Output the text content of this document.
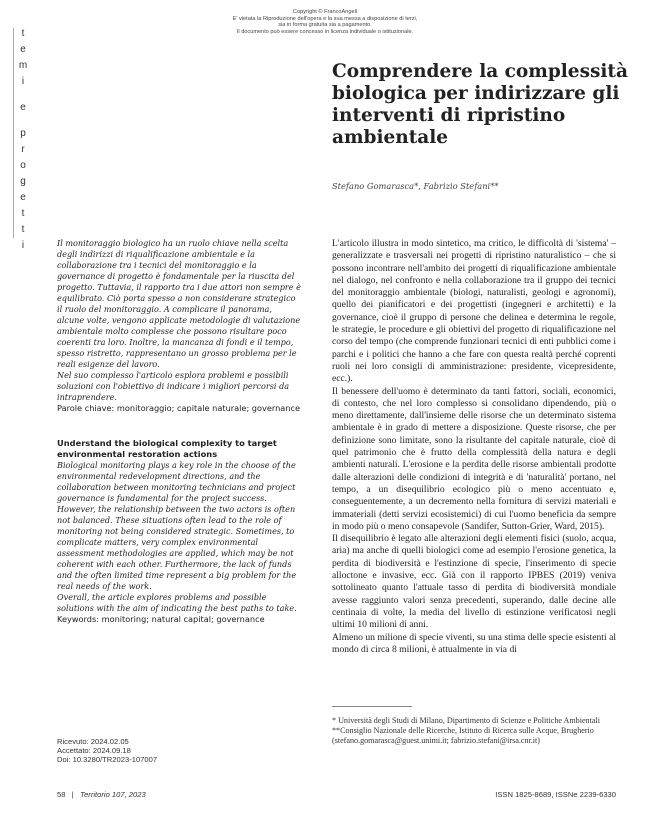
Copyright © FrancoAngeli
E' vietata la Riproduzione dell'opera e la sua messa a disposizione di terzi,
sia in forma gratuita sia a pagamento.
Il documento può essere concesso in licenza individuale o istituzionale.
t
e
m
i
e
p
r
o
g
e
t
t
i
Comprendere la complessità biologica per indirizzare gli interventi di ripristino ambientale
Stefano Gomarasca*, Fabrizio Stefani**

Il monitoraggio biologico ha un ruolo chiave nella scelta degli indirizzi di riqualificazione ambientale e la collaborazione tra i tecnici del monitoraggio e la governance di progetto è fondamentale per la riuscita del progetto. Tuttavia, il rapporto tra i due attori non sempre è equilibrato. Ciò porta spesso a non considerare strategico il ruolo del monitoraggio. A complicare il panorama, alcune volte, vengono applicate metodologie di valutazione ambientale molto complesse che possono risultare poco coerenti tra loro. Inoltre, la mancanza di fondi e il tempo, spesso ristretto, rappresentano un grosso problema per le reali esigenze del lavoro.

Nel suo complesso l'articolo esplora problemi e possibili soluzioni con l'obiettivo di indicare i migliori percorsi da intraprendere.

Parole chiave: monitoraggio; capitale naturale; governance
Understand the biological complexity to target environmental restoration actions

Biological monitoring plays a key role in the choose of the environmental redevelopment directions, and the collaboration between monitoring technicians and project governance is fundamental for the project success. However, the relationship between the two actors is often not balanced. These situations often lead to the role of monitoring not being considered strategic. Sometimes, to complicate matters, very complex environmental assessment methodologies are applied, which may be not coherent with each other. Furthermore, the lack of funds and the often limited time represent a big problem for the real needs of the work.

Overall, the article explores problems and possible solutions with the aim of indicating the best paths to take.

Keywords: monitoring; natural capital; governance

L'articolo illustra in modo sintetico, ma critico, le difficoltà di 'sistema' – generalizzate e trasversali nei progetti di ripristino naturalistico – che si possono incontrare nell'ambito dei progetti di riqualificazione ambientale nel dialogo, nel confronto e nella collaborazione tra il gruppo dei tecnici del monitoraggio ambientale (biologi, naturalisti, geologi e agronomi), quello dei pianificatori e dei progettisti (ingegneri e architetti) e la governance, cioè il gruppo di persone che delinea e determina le regole, le strategie, le procedure e gli obiettivi del progetto di riqualificazione nel corso del tempo (che comprende funzionari tecnici di enti pubblici come i parchi e i politici che hanno a che fare con questa realtà perché coprenti ruoli nei loro consigli di amministrazione: presidente, vicepresidente, ecc.).

Il benessere dell'uomo è determinato da tanti fattori, sociali, economici, di contesto, che nel loro complesso si consolidano dipendendo, più o meno direttamente, dall'insieme delle risorse che un determinato sistema ambientale è in grado di mettere a disposizione. Queste risorse, che per definizione sono limitate, sono la risultante del capitale naturale, cioè di quel patrimonio che è frutto della complessità della natura e degli ambienti naturali. L'erosione e la perdita delle risorse ambientali prodotte dalle alterazioni delle condizioni di integrità e di 'naturalità' portano, nel tempo, a un disequilibrio ecologico più o meno accentuato e, conseguentemente, a un decremento nella fornitura di servizi materiali e immateriali (detti servizi ecosistemici) di cui l'uomo beneficia da sempre in modo più o meno consapevole (Sandifer, Sutton-Grier, Ward, 2015).

Il disequilibrio è legato alle alterazioni degli elementi fisici (suolo, acqua, aria) ma anche di quelli biologici come ad esempio l'erosione genetica, la perdita di biodiversità e l'estinzione di specie, l'inserimento di specie alloctone e invasive, ecc. Già con il rapporto IPBES (2019) veniva sottolineato quanto l'attuale tasso di perdita di biodiversità mondiale avesse raggiunto valori senza precedenti, superando, dalle decine alle centinaia di volte, la media del livello di estinzione verificatosi negli ultimi 10 milioni di anni.

Almeno un milione di specie viventi, su una stima delle specie esistenti al mondo di circa 8 milioni, è attualmente in via di

* Università degli Studi di Milano, Dipartimento di Scienze e Politiche Ambientali
**Consiglio Nazionale delle Ricerche, Istituto di Ricerca sulle Acque, Brugherio
(stefano.gomarasca@guest.unimi.it; fabrizio.stefani@irsa.cnr.it)
Ricevuto: 2024.02.05
Accettato: 2024.09.18
Doi: 10.3280/TR2023-107007
58 | Territorio 107, 2023	ISSN 1825-8689, ISSNe 2239-6330
